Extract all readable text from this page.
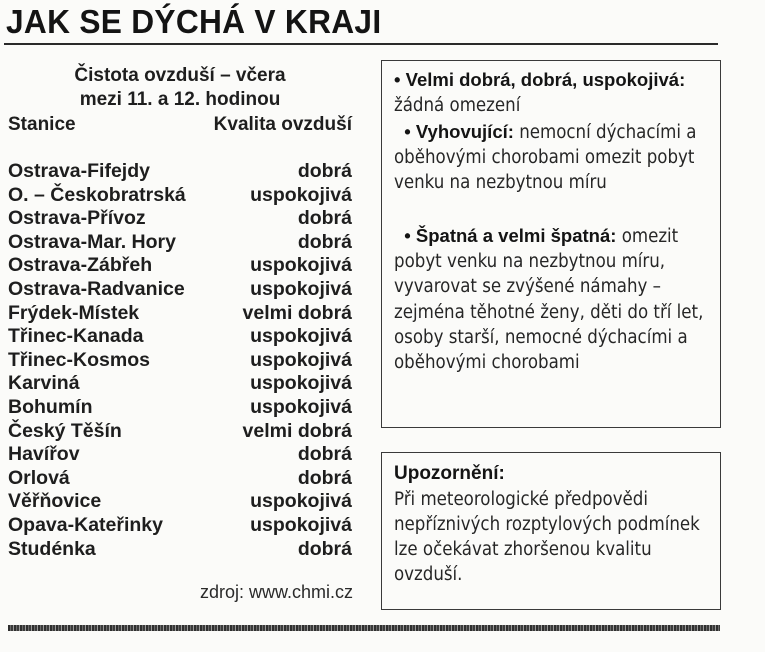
JAK SE DÝCHÁ V KRAJI
Čistota ovzduší – včera
mezi 11. a 12. hodinou
Stanice	Kvalita ovzduší
Ostrava-Fifejdy	dobrá
O. – Českobratrská	uspokojivá
Ostrava-Přívoz	dobrá
Ostrava-Mar. Hory	dobrá
Ostrava-Zábřeh	uspokojivá
Ostrava-Radvanice	uspokojivá
Frýdek-Místek	velmi dobrá
Třinec-Kanada	uspokojivá
Třinec-Kosmos	uspokojivá
Karviná	uspokojivá
Bohumín	uspokojivá
Český Těšín	velmi dobrá
Havířov	dobrá
Orlová	dobrá
Věřňovice	uspokojivá
Opava-Kateřinky	uspokojivá
Studénka	dobrá
zdroj: www.chmi.cz
• Velmi dobrá, dobrá, uspokojivá: žádná omezení
• Vyhovující: nemocní dýchacími a oběhovými chorobami omezit pobyt venku na nezbytnou míru
• Špatná a velmi špatná: omezit pobyt venku na nezbytnou míru, vyvarovat se zvýšené námahy – zejména těhotné ženy, děti do tří let, osoby starší, nemocné dýchacími a oběhovými chorobami
Upozornění:
Při meteorologické předpovědi nepříznivých rozptylových podmínek lze očekávat zhoršenou kvalitu ovzduší.
